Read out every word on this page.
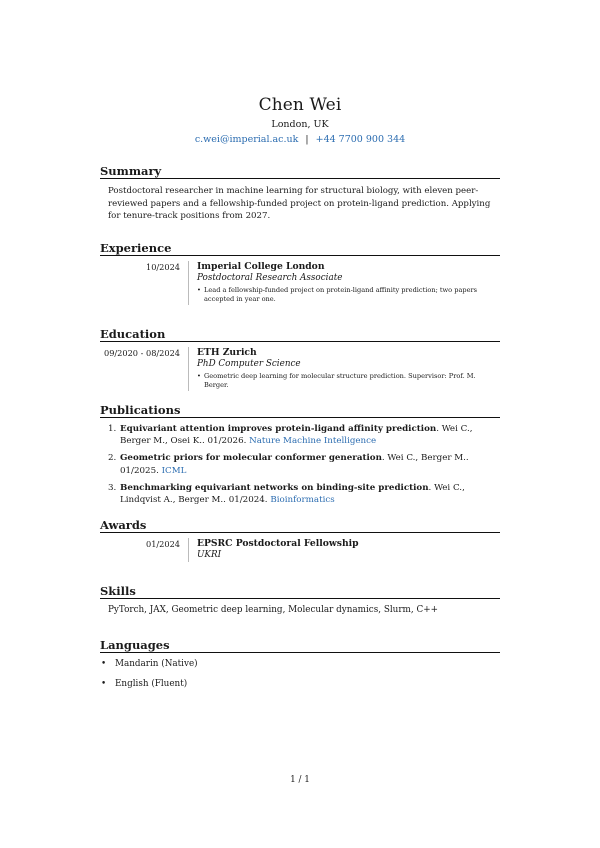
Chen Wei
London, UK
c.wei@imperial.ac.uk | +44 7700 900 344
Summary
Postdoctoral researcher in machine learning for structural biology, with eleven peer-reviewed papers and a fellowship-funded project on protein-ligand prediction. Applying for tenure-track positions from 2027.
Experience
10/2024	Imperial College London
Postdoctoral Research Associate
• Lead a fellowship-funded project on protein-ligand affinity prediction; two papers accepted in year one.
Education
09/2020 - 08/2024	ETH Zurich
PhD Computer Science
• Geometric deep learning for molecular structure prediction. Supervisor: Prof. M. Berger.
Publications
1. Equivariant attention improves protein-ligand affinity prediction. Wei C., Berger M., Osei K.. 01/2026. Nature Machine Intelligence
2. Geometric priors for molecular conformer generation. Wei C., Berger M.. 01/2025. ICML
3. Benchmarking equivariant networks on binding-site prediction. Wei C., Lindqvist A., Berger M.. 01/2024. Bioinformatics
Awards
01/2024	EPSRC Postdoctoral Fellowship
UKRI
Skills
PyTorch, JAX, Geometric deep learning, Molecular dynamics, Slurm, C++
Languages
• Mandarin (Native)
• English (Fluent)
1 / 1
